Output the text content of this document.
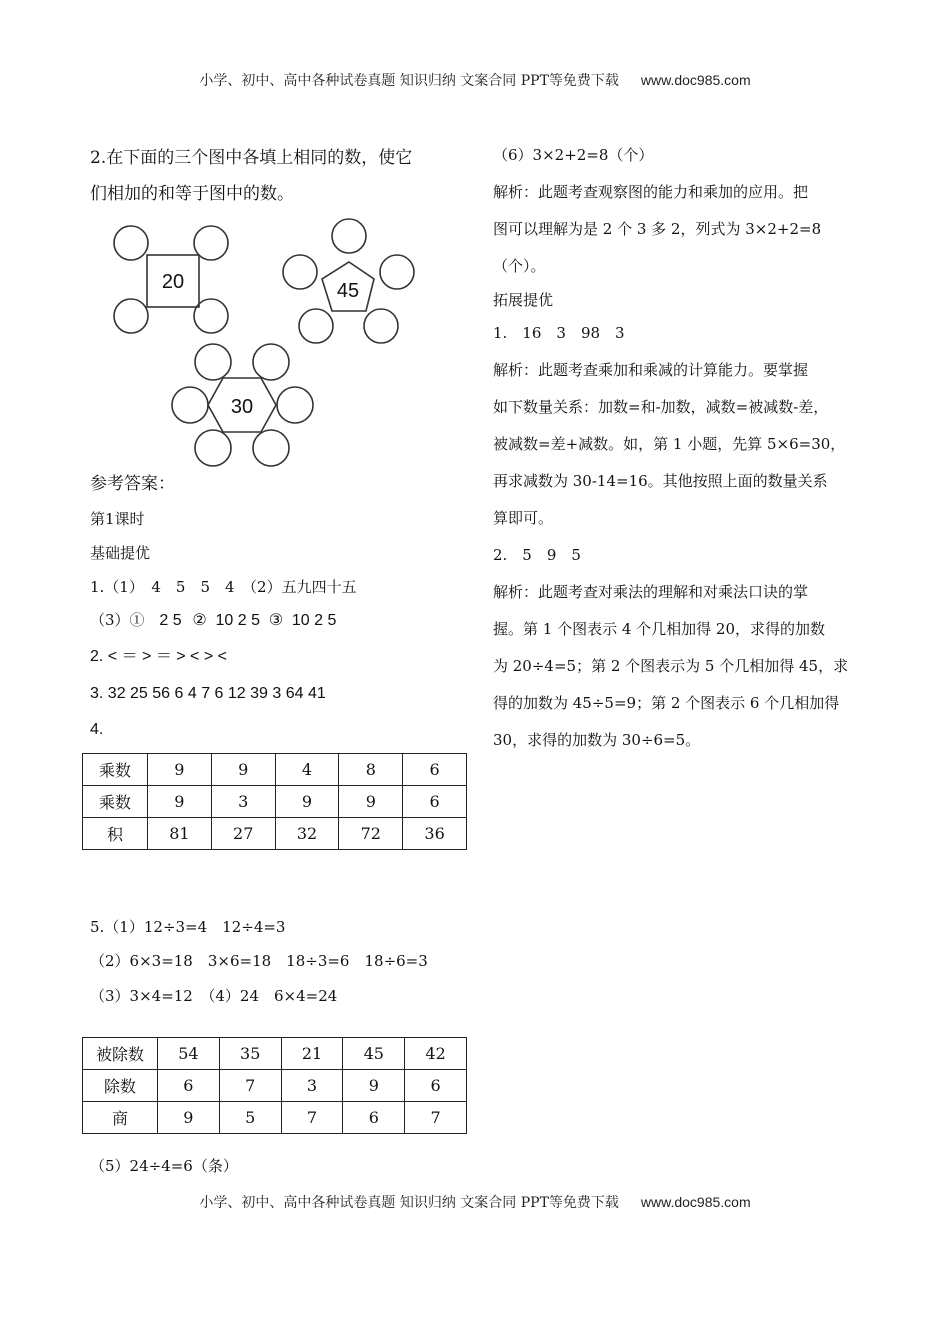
小学、初中、高中各种试卷真题 知识归纳 文案合同 PPT等免费下载 www.doc985.com
2.在下面的三个图中各填上相同的数，使它
们相加的和等于图中的数。
20	45
30
参考答案：
第1课时
基础提优
1.（1）　4　5　5　4　（2）五九四十五
（3）① 2 5 ② 10 2 5 ③ 10 2 5
2. < ＝ > ＝ > < > <
3. 32 25 56 6 4 7 6 12 39 3 64 41
4.
乘数	9	9	4	8	6
乘数	9	3	9	9	6
积	81	27	32	72	36
5.（1）12÷3=4　12÷4=3
（2）6×3=18　3×6=18　18÷3=6　18÷6=3
（3）3×4=12　（4）24　6×4=24
被除数	54	35	21	45	42
除数	6	7	3	9	6
商	9	5	7	6	7
（5）24÷4=6（条）

（6）3×2+2=8（个）

解析：此题考查观察图的能力和乘加的应用。把

图可以理解为是 2 个 3 多 2，列式为 3×2+2=8

（个）。

拓展提优

1.　16　3　98　3

解析：此题考查乘加和乘减的计算能力。要掌握

如下数量关系：加数=和-加数，减数=被减数-差，

被减数=差+减数。如，第 1 小题，先算 5×6=30，

再求减数为 30-14=16。其他按照上面的数量关系

算即可。

2.　5　9　5

解析：此题考查对乘法的理解和对乘法口诀的掌

握。第 1 个图表示 4 个几相加得 20，求得的加数

为 20÷4=5；第 2 个图表示为 5 个几相加得 45，求

得的加数为 45÷5=9；第 2 个图表示 6 个几相加得

30，求得的加数为 30÷6=5。

小学、初中、高中各种试卷真题 知识归纳 文案合同 PPT等免费下载 www.doc985.com
